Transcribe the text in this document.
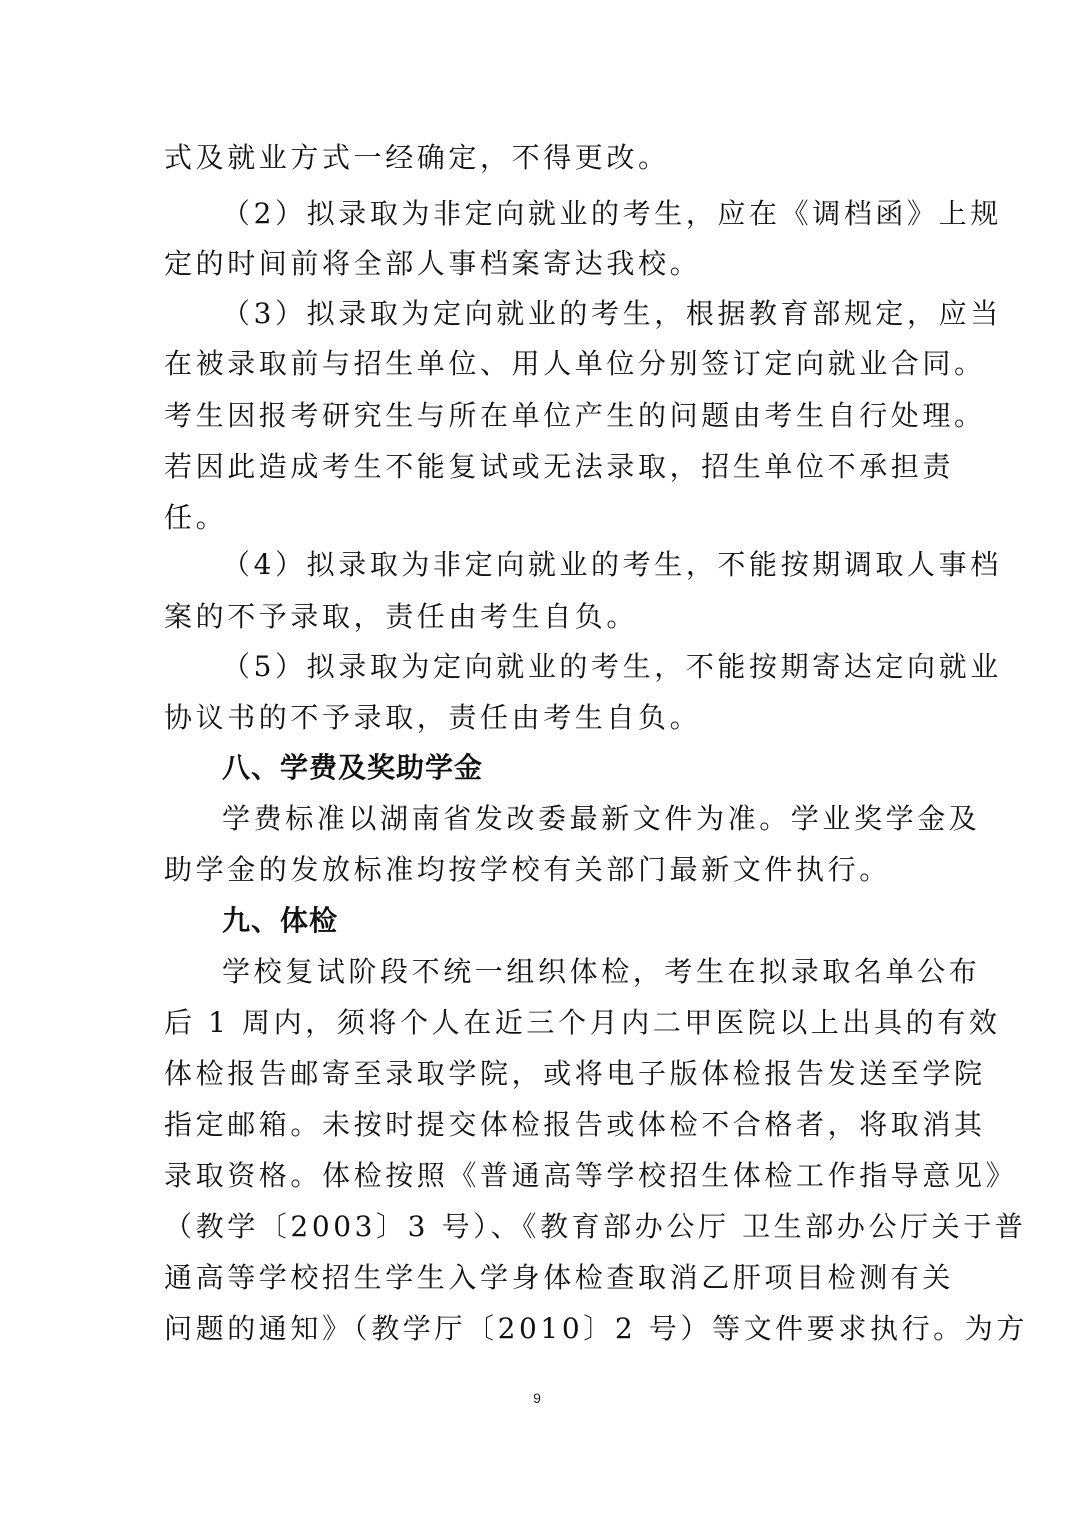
式及就业方式一经确定，不得更改。
（2）拟录取为非定向就业的考生，应在《调档函》上规
定的时间前将全部人事档案寄达我校。
（3）拟录取为定向就业的考生，根据教育部规定，应当
在被录取前与招生单位、用人单位分别签订定向就业合同。
考生因报考研究生与所在单位产生的问题由考生自行处理。
若因此造成考生不能复试或无法录取，招生单位不承担责
任。
（4）拟录取为非定向就业的考生，不能按期调取人事档
案的不予录取，责任由考生自负。
（5）拟录取为定向就业的考生，不能按期寄达定向就业
协议书的不予录取，责任由考生自负。
八、学费及奖助学金
学费标准以湖南省发改委最新文件为准。学业奖学金及
助学金的发放标准均按学校有关部门最新文件执行。
九、体检
学校复试阶段不统一组织体检，考生在拟录取名单公布
后 1 周内，须将个人在近三个月内二甲医院以上出具的有效
体检报告邮寄至录取学院，或将电子版体检报告发送至学院
指定邮箱。未按时提交体检报告或体检不合格者，将取消其
录取资格。体检按照《普通高等学校招生体检工作指导意见》
（教学〔2003〕3 号）、《教育部办公厅 卫生部办公厅关于普
通高等学校招生学生入学身体检查取消乙肝项目检测有关
问题的通知》（教学厅〔2010〕2 号）等文件要求执行。为方
9
